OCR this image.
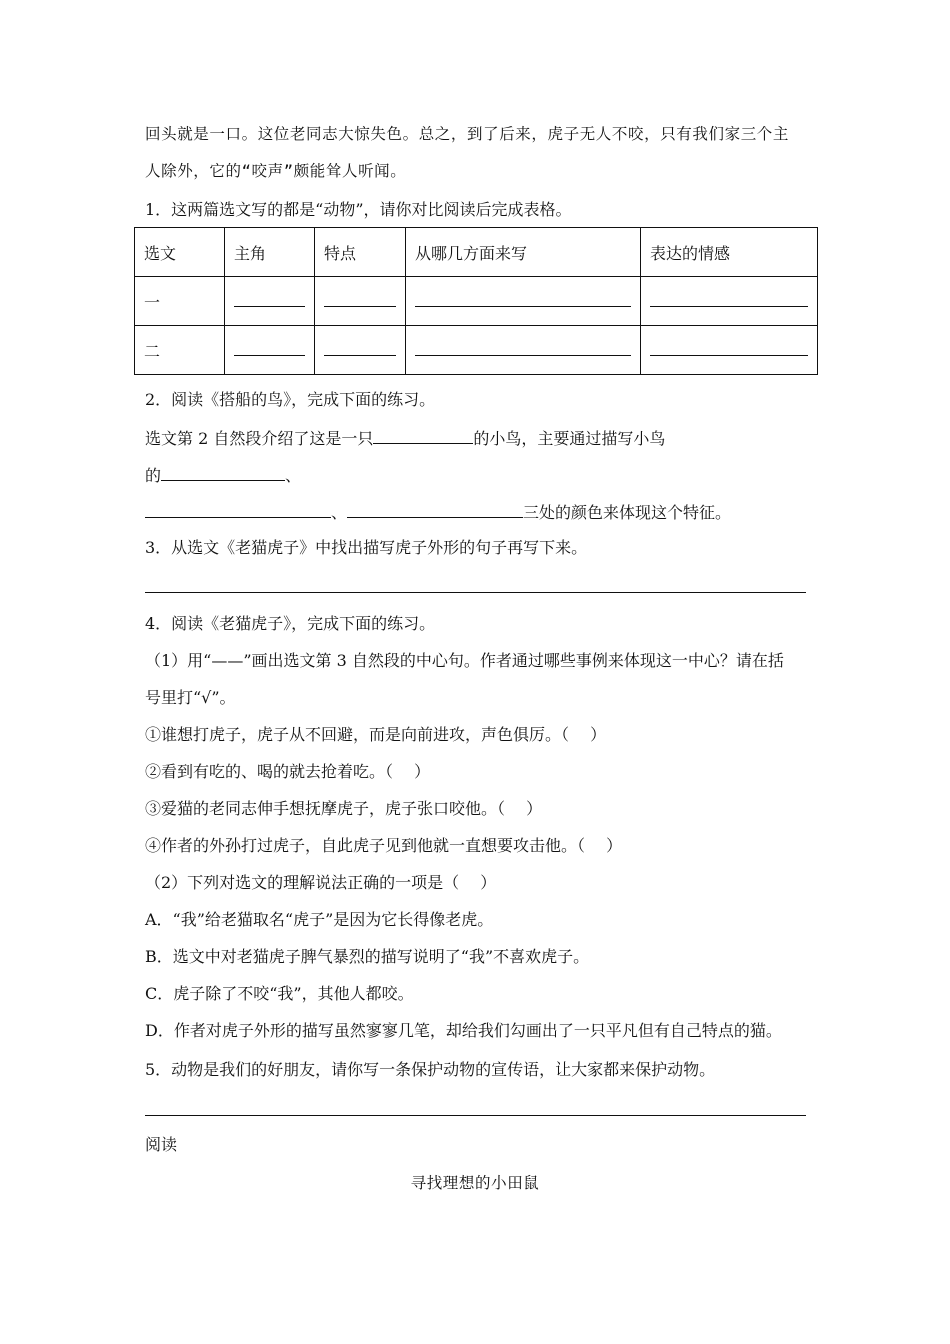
回头就是一口。这位老同志大惊失色。总之，到了后来，虎子无人不咬，只有我们家三个主
人除外，它的“咬声”颇能耸人听闻。
1．这两篇选文写的都是“动物”，请你对比阅读后完成表格。
选文	主角	特点	从哪几方面来写	表达的情感
一	

二	

2．阅读《搭船的鸟》，完成下面的练习。
选文第 2 自然段介绍了这是一只	的小鸟，主要通过描写小鸟
的	、
、	三处的颜色来体现这个特征。
3．从选文《老猫虎子》中找出描写虎子外形的句子再写下来。
4．阅读《老猫虎子》，完成下面的练习。
（1）用“——”画出选文第 3 自然段的中心句。作者通过哪些事例来体现这一中心？请在括
号里打“√”。
①谁想打虎子，虎子从不回避，而是向前进攻，声色俱厉。（　 ）
②看到有吃的、喝的就去抢着吃。（　 ）
③爱猫的老同志伸手想抚摩虎子，虎子张口咬他。（　 ）
④作者的外孙打过虎子，自此虎子见到他就一直想要攻击他。（　 ）
（2）下列对选文的理解说法正确的一项是（　 ）
A．“我”给老猫取名“虎子”是因为它长得像老虎。
B．选文中对老猫虎子脾气暴烈的描写说明了“我”不喜欢虎子。
C．虎子除了不咬“我”，其他人都咬。
D．作者对虎子外形的描写虽然寥寥几笔，却给我们勾画出了一只平凡但有自己特点的猫。
5．动物是我们的好朋友，请你写一条保护动物的宣传语，让大家都来保护动物。
阅读
寻找理想的小田鼠
